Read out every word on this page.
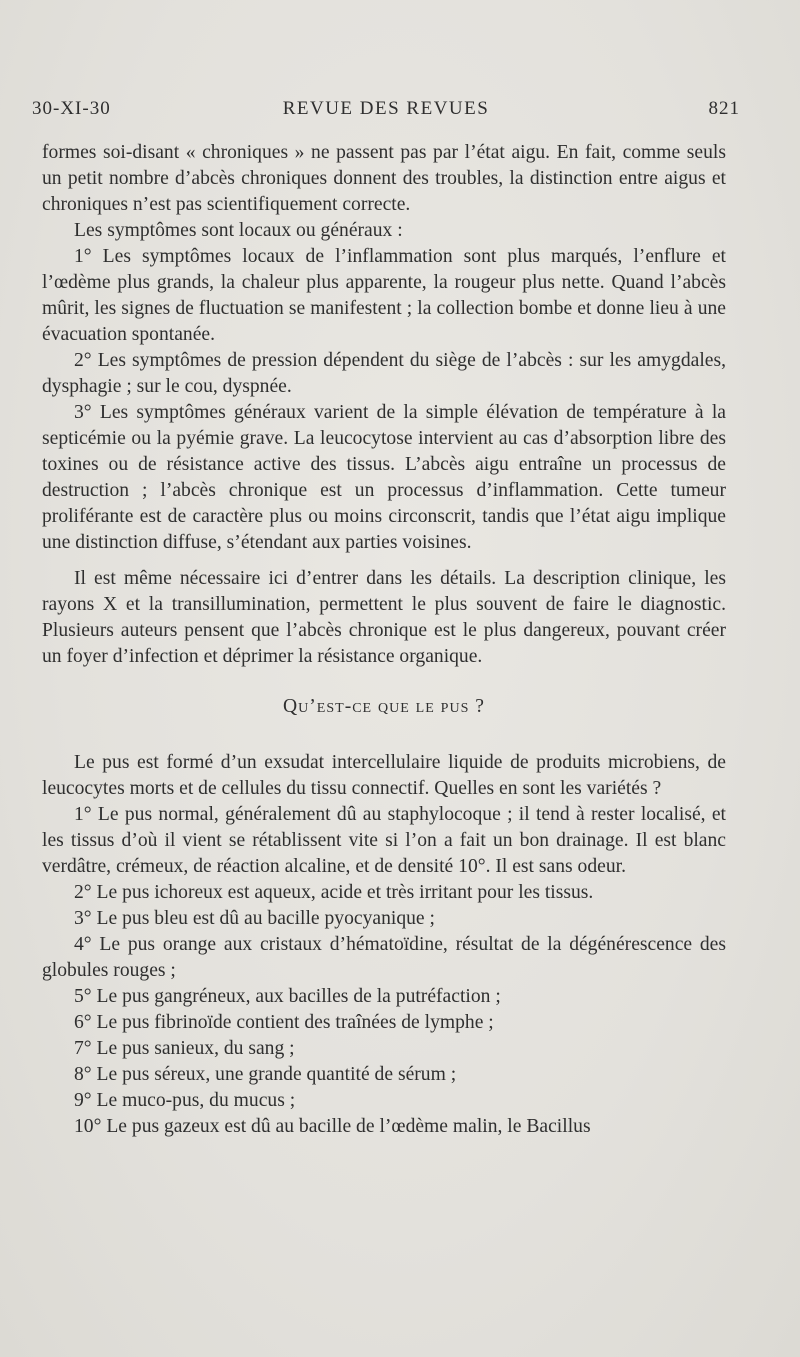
30-XI-30	REVUE DES REVUES	821

formes soi-disant « chroniques » ne passent pas par l’état aigu. En fait, comme seuls un petit nombre d’abcès chroniques donnent des troubles, la distinction entre aigus et chroniques n’est pas scientifiquement correcte.

Les symptômes sont locaux ou généraux :

1° Les symptômes locaux de l’inflammation sont plus marqués, l’enflure et l’œdème plus grands, la chaleur plus apparente, la rougeur plus nette. Quand l’abcès mûrit, les signes de fluctuation se manifestent ; la collection bombe et donne lieu à une évacuation spontanée.

2° Les symptômes de pression dépendent du siège de l’abcès : sur les amygdales, dysphagie ; sur le cou, dyspnée.

3° Les symptômes généraux varient de la simple élévation de température à la septicémie ou la pyémie grave. La leucocytose intervient au cas d’absorption libre des toxines ou de résistance active des tissus. L’abcès aigu entraîne un processus de destruction ; l’abcès chronique est un processus d’inflammation. Cette tumeur proliférante est de caractère plus ou moins circonscrit, tandis que l’état aigu implique une distinction diffuse, s’étendant aux parties voisines.

Il est même nécessaire ici d’entrer dans les détails. La description clinique, les rayons X et la transillumination, permettent le plus souvent de faire le diagnostic. Plusieurs auteurs pensent que l’abcès chronique est le plus dangereux, pouvant créer un foyer d’infection et déprimer la résistance organique.

Qu’est-ce que le pus ?

Le pus est formé d’un exsudat intercellulaire liquide de produits microbiens, de leucocytes morts et de cellules du tissu connectif. Quelles en sont les variétés ?

1° Le pus normal, généralement dû au staphylocoque ; il tend à rester localisé, et les tissus d’où il vient se rétablissent vite si l’on a fait un bon drainage. Il est blanc verdâtre, crémeux, de réaction alcaline, et de densité 10°. Il est sans odeur.

2° Le pus ichoreux est aqueux, acide et très irritant pour les tissus.

3° Le pus bleu est dû au bacille pyocyanique ;

4° Le pus orange aux cristaux d’hématoïdine, résultat de la dégénérescence des globules rouges ;

5° Le pus gangréneux, aux bacilles de la putréfaction ;

6° Le pus fibrinoïde contient des traînées de lymphe ;

7° Le pus sanieux, du sang ;

8° Le pus séreux, une grande quantité de sérum ;

9° Le muco-pus, du mucus ;

10° Le pus gazeux est dû au bacille de l’œdème malin, le Bacillus
